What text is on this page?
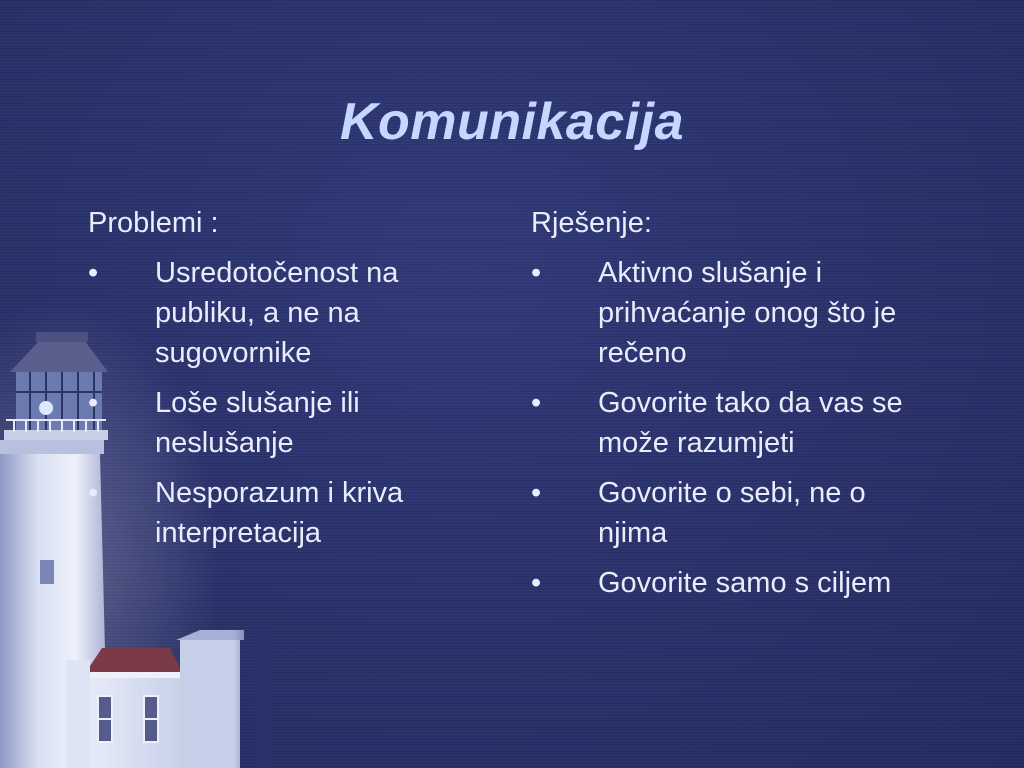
Komunikacija
Problemi :
•	Usredotočenost na publiku, a ne na sugovornike
•	Loše slušanje ili neslušanje
•	Nesporazum i kriva interpretacija
Rješenje:
•	Aktivno slušanje i prihvaćanje onog što je rečeno
•	Govorite tako da vas se može razumjeti
•	Govorite o sebi, ne o njima
•	Govorite samo s ciljem
